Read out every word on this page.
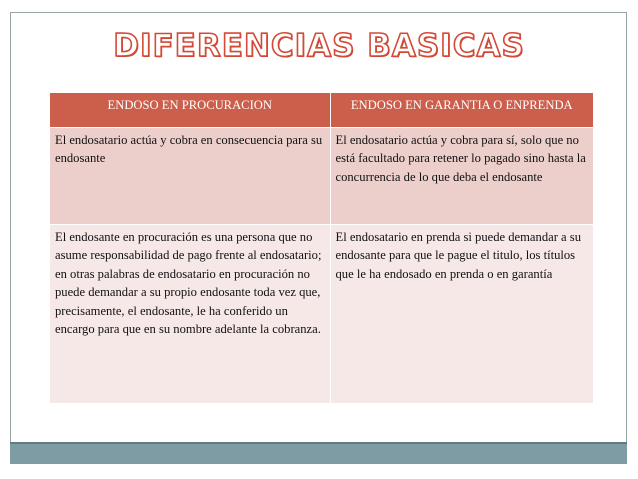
DIFERENCIAS BASICAS
ENDOSO EN PROCURACION	ENDOSO EN GARANTIA O ENPRENDA
El endosatario actúa y cobra en consecuencia para su endosante	El endosatario actúa y cobra para sí, solo que no está facultado para retener lo pagado sino hasta la concurrencia de lo que deba el endosante
El endosante en procuración es una persona que no asume responsabilidad de pago frente al endosatario; en otras palabras de endosatario en procuración no puede demandar a su propio endosante toda vez que, precisamente, el endosante, le ha conferido un encargo para que en su nombre adelante la cobranza.	El endosatario en prenda si puede demandar a su endosante para que le pague el titulo, los títulos que le ha endosado en prenda o en garantía
